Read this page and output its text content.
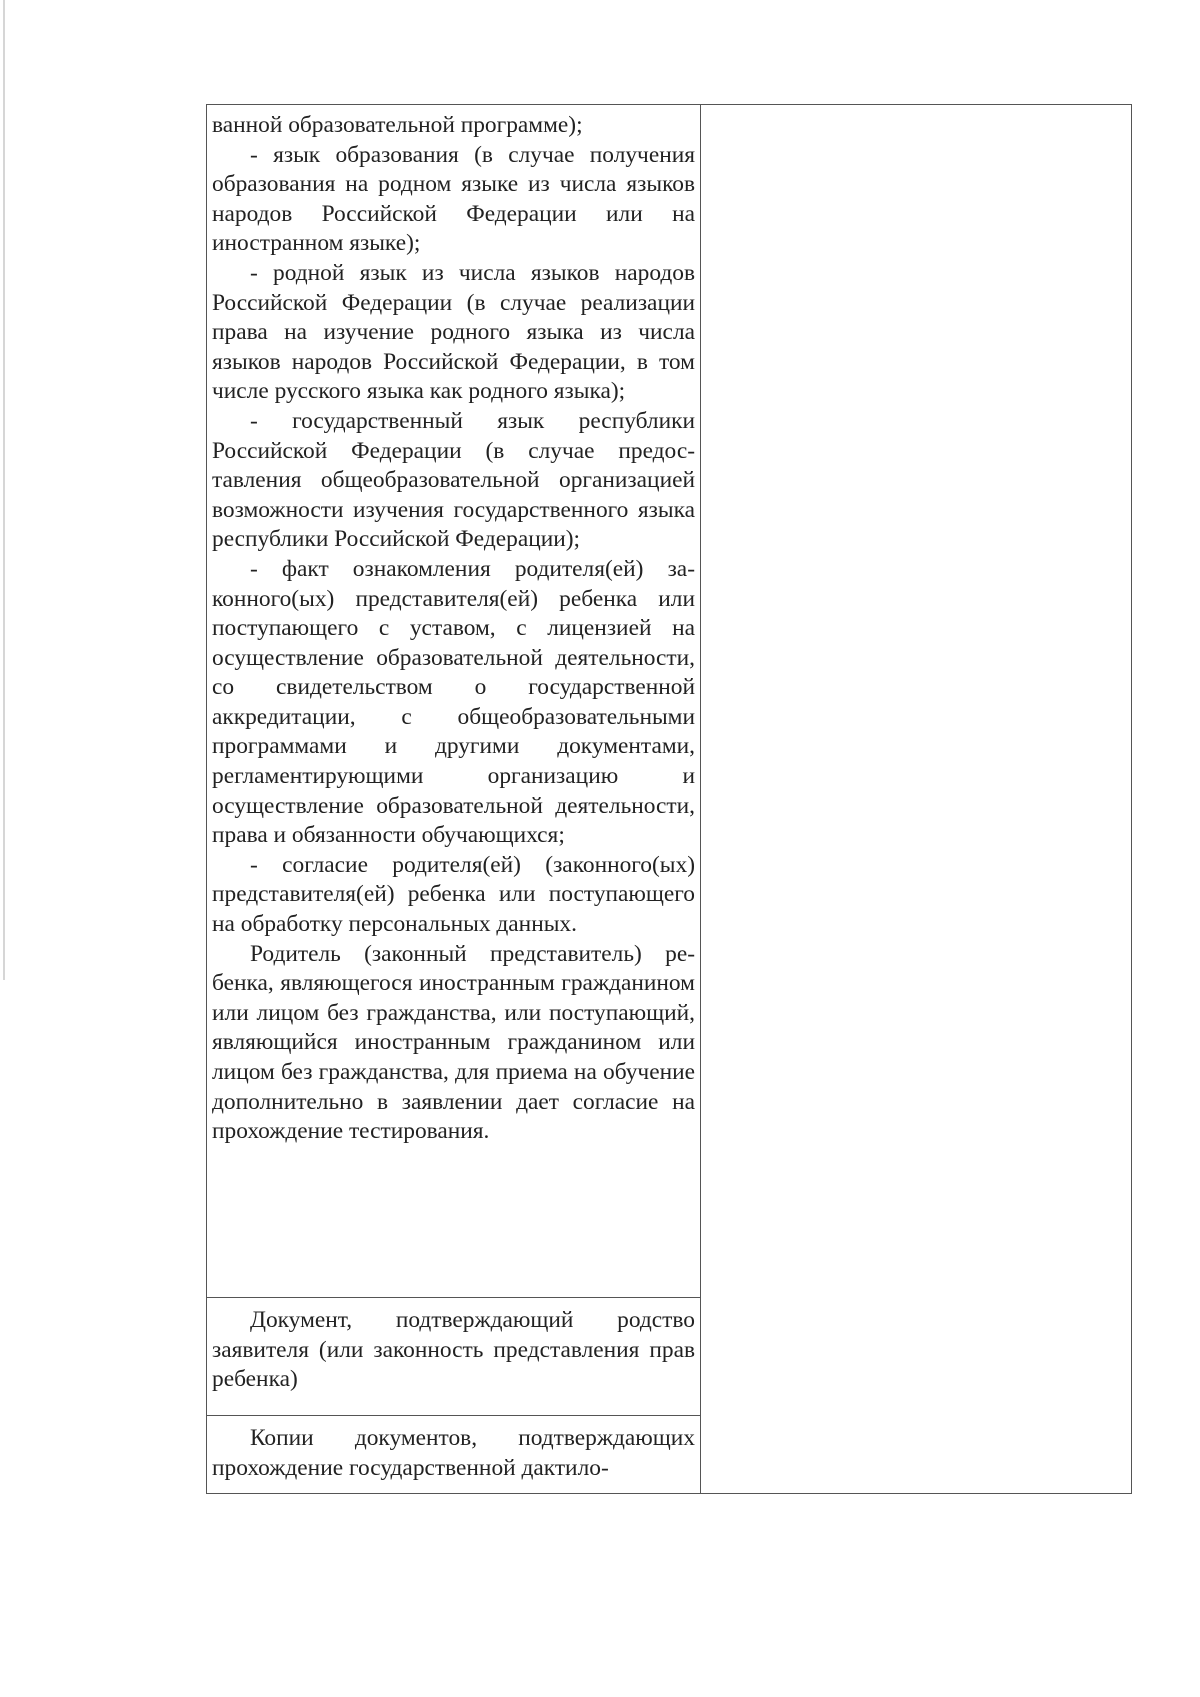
ванной образовательной программе);

- язык образования (в случае получения образования на родном языке из числа языков народов Российской Федерации или на иностранном языке);

- родной язык из числа языков народов Российской Федерации (в случае реализации права на изучение родного языка из числа языков народов Российской Федерации, в том числе русского языка как родного языка);

- государственный язык республики Российской Федерации (в случае предоставления общеобразовательной организацией возможности изучения государственного языка республики Российской Федерации);

- факт ознакомления родителя(ей) законного(ых) представителя(ей) ребенка или поступающего с уставом, с лицензией на осуществление образовательной деятельности, со свидетельством о государственной аккредитации, с общеобразовательными программами и другими документами, регламентирующими организацию и осуществление образовательной деятельности, права и обязанности обучающихся;

- согласие родителя(ей) (законного(ых) представителя(ей) ребенка или поступающего на обработку персональных данных.

Родитель (законный представитель) ребенка, являющегося иностранным гражданином или лицом без гражданства, или поступающий, являющийся иностранным гражданином или лицом без гражданства, для приема на обучение дополнительно в заявлении дает согласие на прохождение тестирования.

Документ, подтверждающий родство заявителя (или законность представления прав ребенка)

Копии документов, подтверждающих прохождение государственной дактило-
